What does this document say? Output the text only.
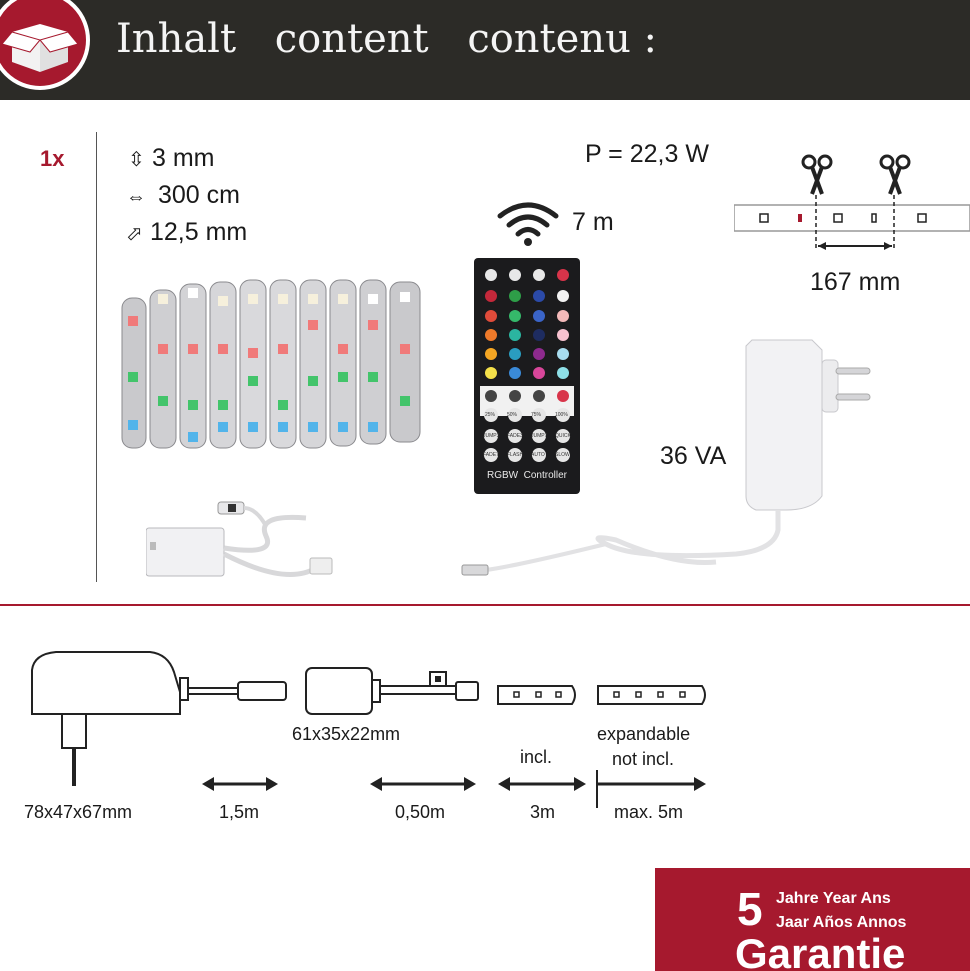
Inhalt content contenu :
1x	⇳ 3 mm
⇔ 300 cm
⬀ 12,5 mm
P = 22,3 W
7 m
167 mm
25% 50%	75%	100%
JUMP3 FADE3 JUMP7 QUICK
FADE7 FLASH AUTO SLOW
RGBW  Controller
36 VA
78x47x67mm	1,5m
61x35x22mm
0,50m
incl.
3m
expandable
not incl.
max. 5m
5 Jahre Year Ans
Jaar Años Annos
Garantie
